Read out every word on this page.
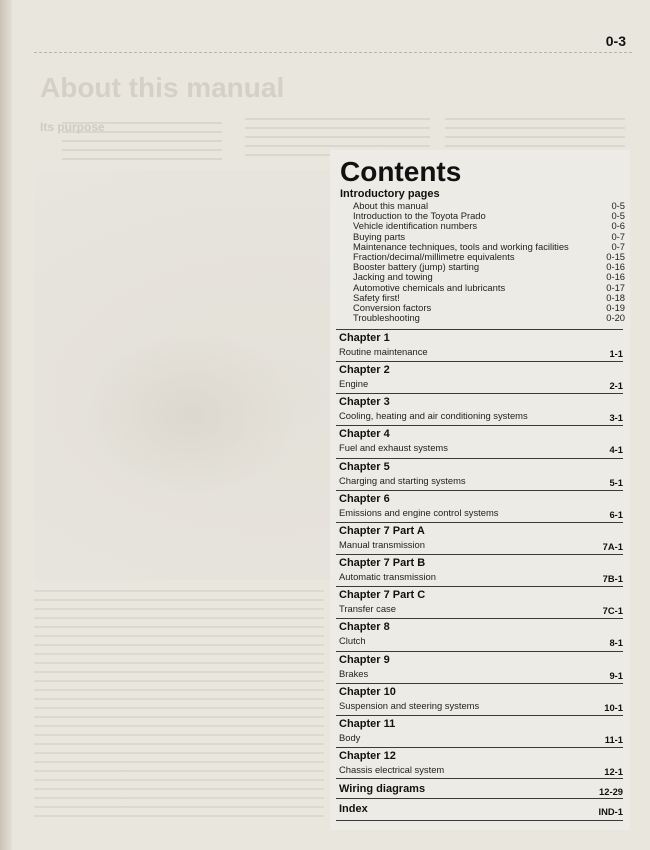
0-3
About this manual
Its purpose
Contents
Introductory pages
About this manual	0-5
Introduction to the Toyota Prado	0-5
Vehicle identification numbers	0-6
Buying parts	0-7
Maintenance techniques, tools and working facilities	0-7
Fraction/decimal/millimetre equivalents	0-15
Booster battery (jump) starting	0-16
Jacking and towing	0-16
Automotive chemicals and lubricants	0-17
Safety first!	0-18
Conversion factors	0-19
Troubleshooting	0-20
Chapter 1
Routine maintenance	1-1
Chapter 2
Engine	2-1
Chapter 3
Cooling, heating and air conditioning systems	3-1
Chapter 4
Fuel and exhaust systems	4-1
Chapter 5
Charging and starting systems	5-1
Chapter 6
Emissions and engine control systems	6-1
Chapter 7 Part A
Manual transmission	7A-1
Chapter 7 Part B
Automatic transmission	7B-1
Chapter 7 Part C
Transfer case	7C-1
Chapter 8
Clutch	8-1
Chapter 9
Brakes	9-1
Chapter 10
Suspension and steering systems	10-1
Chapter 11
Body	11-1
Chapter 12
Chassis electrical system	12-1
Wiring diagrams	12-29
Index	IND-1
